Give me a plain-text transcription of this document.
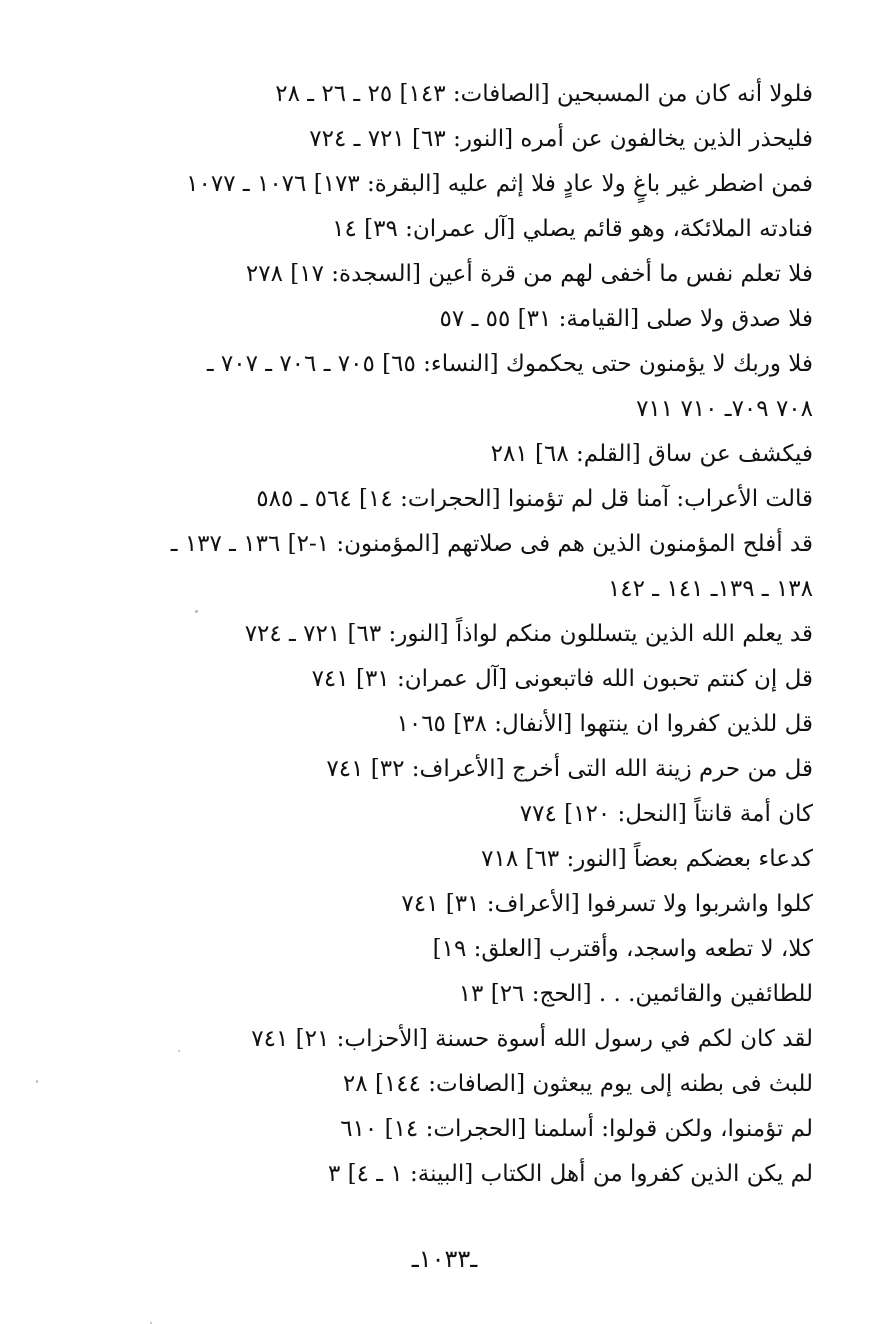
فلولا أنه كان من المسبحين [الصافات: ١٤٣] ٢٥ ـ ٢٦ ـ ٢٨
فليحذر الذين يخالفون عن أمره [النور: ٦٣] ٧٢١ ـ ٧٢٤
فمن اضطر غير باغٍ ولا عادٍ فلا إثم عليه [البقرة: ١٧٣] ١٠٧٦ ـ ١٠٧٧
فنادته الملائكة، وهو قائم يصلي [آل عمران: ٣٩] ١٤
فلا تعلم نفس ما أخفى لهم من قرة أعين [السجدة: ١٧] ٢٧٨
فلا صدق ولا صلى [القيامة: ٣١] ٥٥ ـ ٥٧
فلا وربك لا يؤمنون حتى يحكموك [النساء: ٦٥] ٧٠٥ ـ ٧٠٦ ـ ٧٠٧ ـ
٧٠٨ ٧٠٩ـ ٧١٠ ٧١١
فيكشف عن ساق [القلم: ٦٨] ٢٨١
قالت الأعراب: آمنا قل لم تؤمنوا [الحجرات: ١٤] ٥٦٤ ـ ٥٨٥
قد أفلح المؤمنون الذين هم فى صلاتهم [المؤمنون: ١-٢] ١٣٦ ـ ١٣٧ ـ
١٣٨ ـ ١٣٩ـ ١٤١ ـ ١٤٢
قد يعلم الله الذين يتسللون منكم لواذاً [النور: ٦٣] ٧٢١ ـ ٧٢٤
قل إن كنتم تحبون الله فاتبعونى [آل عمران: ٣١] ٧٤١
قل للذين كفروا ان ينتهوا [الأنفال: ٣٨] ١٠٦٥
قل من حرم زينة الله التى أخرج [الأعراف: ٣٢] ٧٤١
كان أمة قانتاً [النحل: ١٢٠] ٧٧٤
كدعاء بعضكم بعضاً [النور: ٦٣] ٧١٨
كلوا واشربوا ولا تسرفوا [الأعراف: ٣١] ٧٤١
كلا، لا تطعه واسجد، وأقترب [العلق: ١٩]
للطائفين والقائمين. . . [الحج: ٢٦] ١٣
لقد كان لكم في رسول الله أسوة حسنة [الأحزاب: ٢١] ٧٤١
للبث فى بطنه إلى يوم يبعثون [الصافات: ١٤٤] ٢٨
لم تؤمنوا، ولكن قولوا: أسلمنا [الحجرات: ١٤] ٦١٠
لم يكن الذين كفروا من أهل الكتاب [البينة: ١ ـ ٤] ٣
ـ١٠٣٣ـ
